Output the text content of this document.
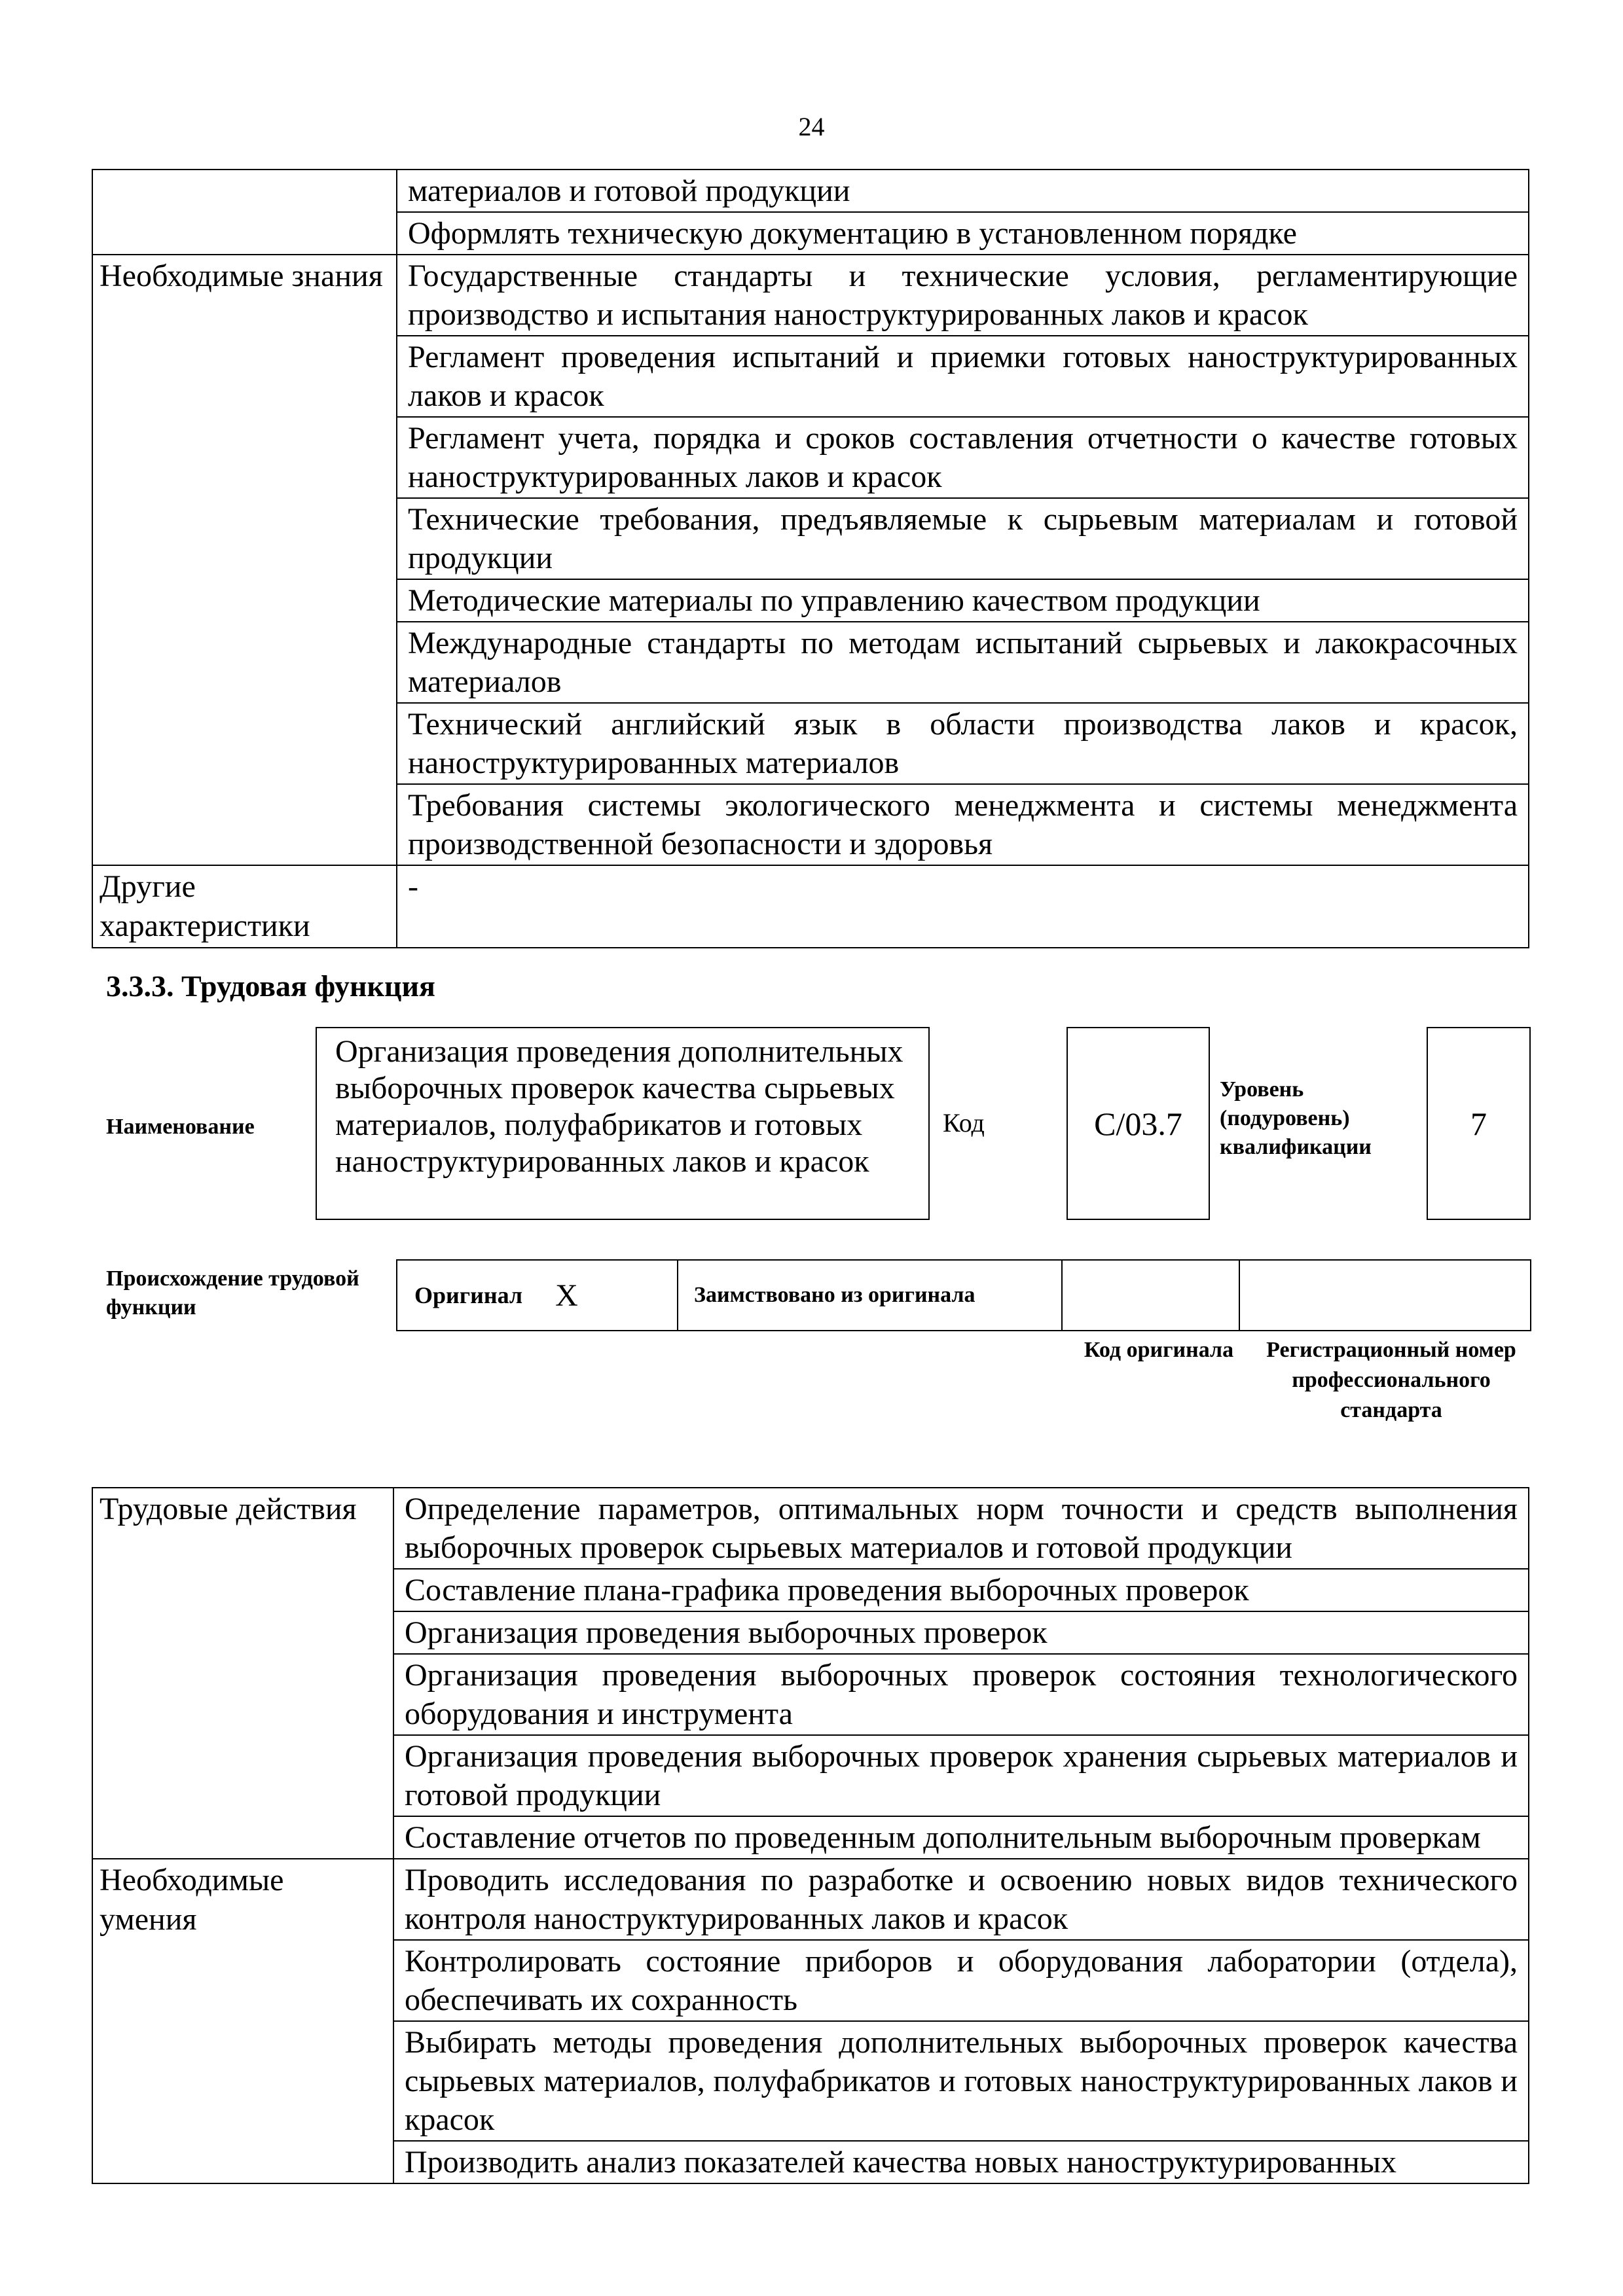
24
	материалов и готовой продукции
	Оформлять техническую документацию в установленном порядке
Необходимые знания	Государственные стандарты и технические условия, регламентирующие производство и испытания наноструктурированных лаков и красок
	Регламент проведения испытаний и приемки готовых наноструктурированных лаков и красок
	Регламент учета, порядка и сроков составления отчетности о качестве готовых наноструктурированных лаков и красок
	Технические требования, предъявляемые к сырьевым материалам и готовой продукции
	Методические материалы по управлению качеством продукции
	Международные стандарты по методам испытаний сырьевых и лакокрасочных материалов
	Технический английский язык в области производства лаков и красок, наноструктурированных материалов
	Требования системы экологического менеджмента и системы менеджмента производственной безопасности и здоровья
Другие характеристики	-
3.3.3. Трудовая функция
Наименование
Организация проведения дополнительных выборочных проверок качества сырьевых материалов, полуфабрикатов и готовых наноструктурированных лаков и красок
Код	С/03.7
Уровень (подуровень) квалификации
7
Происхождение трудовой функции	Оригинал X	Заимствовано из оригинала
Код оригинала	Регистрационный номер профессионального стандарта
Трудовые действия	Определение параметров, оптимальных норм точности и средств выполнения выборочных проверок сырьевых материалов и готовой продукции
	Составление плана-графика проведения выборочных проверок
	Организация проведения выборочных проверок
	Организация проведения выборочных проверок состояния технологического оборудования и инструмента
	Организация проведения выборочных проверок хранения сырьевых материалов и готовой продукции
	Составление отчетов по проведенным дополнительным выборочным проверкам
Необходимые умения	Проводить исследования по разработке и освоению новых видов технического контроля наноструктурированных лаков и красок
	Контролировать состояние приборов и оборудования лаборатории (отдела), обеспечивать их сохранность
	Выбирать методы проведения дополнительных выборочных проверок качества сырьевых материалов, полуфабрикатов и готовых наноструктурированных лаков и красок
	Производить анализ показателей качества новых наноструктурированных
